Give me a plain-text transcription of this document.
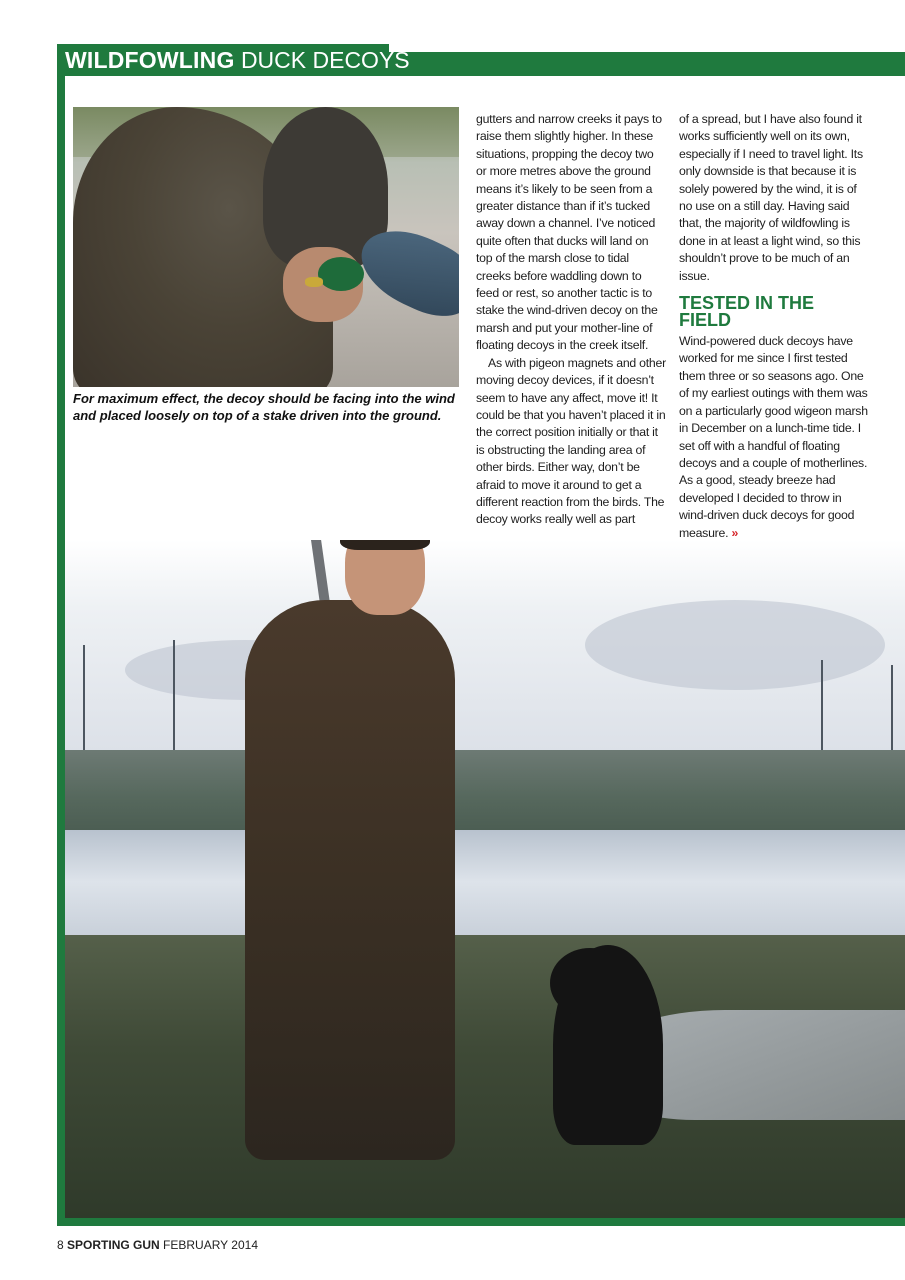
WILDFOWLING DUCK DECOYS
For maximum effect, the decoy should be facing into the wind and placed loosely on top of a stake driven into the ground.

gutters and narrow creeks it pays to raise them slightly higher. In these situations, propping the decoy two or more metres above the ground means it’s likely to be seen from a greater distance than if it’s tucked away down a channel. I’ve noticed quite often that ducks will land on top of the marsh close to tidal creeks before waddling down to feed or rest, so another tactic is to stake the wind-driven decoy on the marsh and put your mother-line of floating decoys in the creek itself.

As with pigeon magnets and other moving decoy devices, if it doesn’t seem to have any affect, move it! It could be that you haven’t placed it in the correct position initially or that it is obstructing the landing area of other birds. Either way, don’t be afraid to move it around to get a different reaction from the birds. The decoy works really well as part

of a spread, but I have also found it works sufficiently well on its own, especially if I need to travel light. Its only downside is that because it is solely powered by the wind, it is of no use on a still day. Having said that, the majority of wildfowling is done in at least a light wind, so this shouldn’t prove to be much of an issue.

TESTED IN THE FIELD

Wind-powered duck decoys have worked for me since I first tested them three or so seasons ago. One of my earliest outings with them was on a particularly good wigeon marsh in December on a lunch-time tide. I set off with a handful of floating decoys and a couple of motherlines. As a good, steady breeze had developed I decided to throw in wind-driven duck decoys for good measure. »

8 SPORTING GUN FEBRUARY 2014
